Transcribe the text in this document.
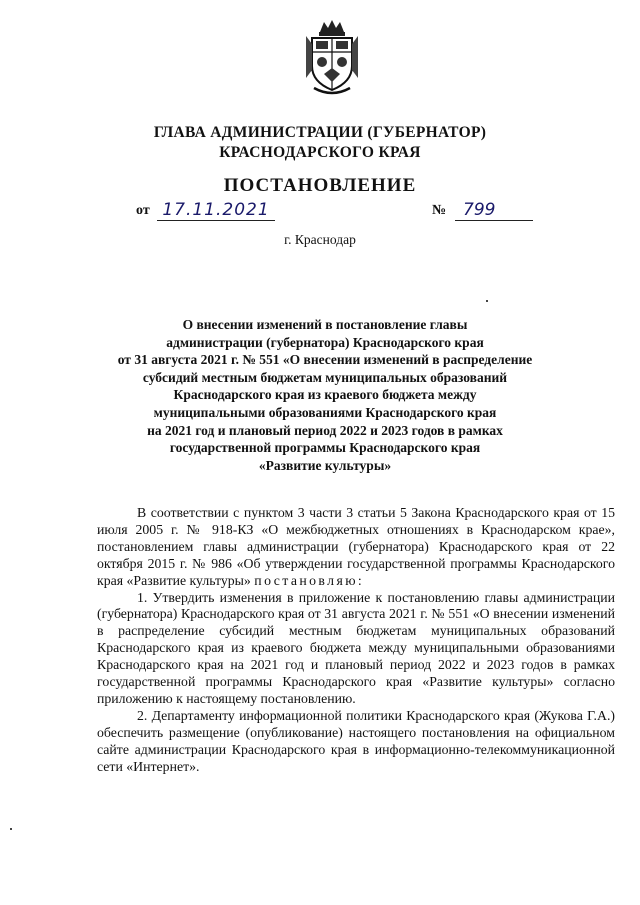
ГЛАВА АДМИНИСТРАЦИИ (ГУБЕРНАТОР)
КРАСНОДАРСКОГО КРАЯ
ПОСТАНОВЛЕНИЕ
от 17.11.2021	№ 799
г. Краснодар
О внесении изменений в постановление главы
администрации (губернатора) Краснодарского края
от 31 августа 2021 г. № 551 «О внесении изменений в распределение
субсидий местным бюджетам муниципальных образований
Краснодарского края из краевого бюджета между
муниципальными образованиями Краснодарского края
на 2021 год и плановый период 2022 и 2023 годов в рамках
государственной программы Краснодарского края
«Развитие культуры»

В соответствии с пунктом 3 части 3 статьи 5 Закона Краснодарского края от 15 июля 2005 г. № 918-КЗ «О межбюджетных отношениях в Краснодарском крае», постановлением главы администрации (губернатора) Краснодарского края от 22 октября 2015 г. № 986 «Об утверждении государственной программы Краснодарского края «Развитие культуры» постановляю:

1. Утвердить изменения в приложение к постановлению главы администрации (губернатора) Краснодарского края от 31 августа 2021 г. № 551 «О внесении изменений в распределение субсидий местным бюджетам муниципальных образований Краснодарского края из краевого бюджета между муниципальными образованиями Краснодарского края на 2021 год и плановый период 2022 и 2023 годов в рамках государственной программы Краснодарского края «Развитие культуры» согласно приложению к настоящему постановлению.

2. Департаменту информационной политики Краснодарского края (Жукова Г.А.) обеспечить размещение (опубликование) настоящего постановления на официальном сайте администрации Краснодарского края в информационно-телекоммуникационной сети «Интернет».
